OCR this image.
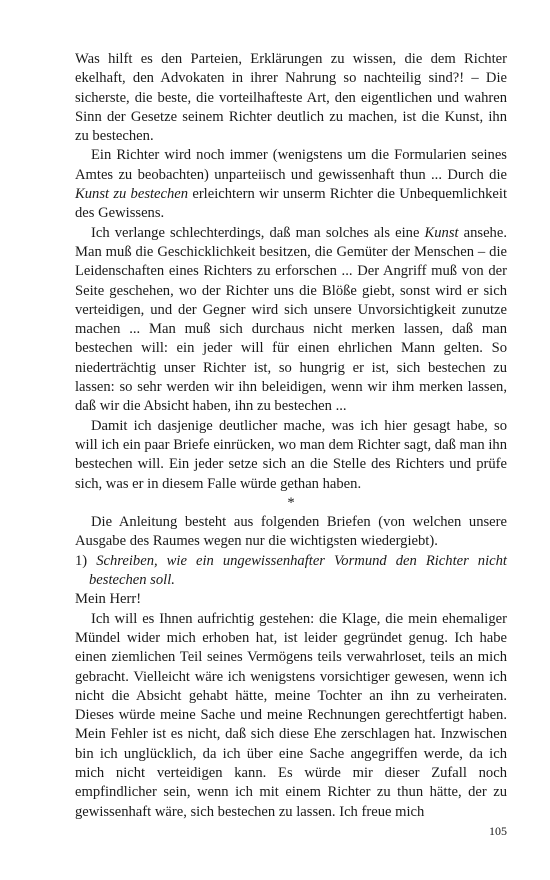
Was hilft es den Parteien, Erklärungen zu wissen, die dem Richter ekelhaft, den Advokaten in ihrer Nahrung so nachteilig sind?! – Die sicherste, die beste, die vorteilhafteste Art, den eigentlichen und wahren Sinn der Gesetze seinem Richter deutlich zu machen, ist die Kunst, ihn zu bestechen.

Ein Richter wird noch immer (wenigstens um die Formularien seines Amtes zu beobachten) unparteiisch und gewissenhaft thun ... Durch die Kunst zu bestechen erleichtern wir unserm Richter die Unbequemlichkeit des Gewissens.

Ich verlange schlechterdings, daß man solches als eine Kunst ansehe. Man muß die Geschicklichkeit besitzen, die Gemüter der Menschen – die Leidenschaften eines Richters zu erforschen ... Der Angriff muß von der Seite geschehen, wo der Richter uns die Blöße giebt, sonst wird er sich verteidigen, und der Gegner wird sich unsere Unvorsichtigkeit zunutze machen ... Man muß sich durchaus nicht merken lassen, daß man bestechen will: ein jeder will für einen ehrlichen Mann gelten. So niederträchtig unser Richter ist, so hungrig er ist, sich bestechen zu lassen: so sehr werden wir ihn beleidigen, wenn wir ihm merken lassen, daß wir die Absicht haben, ihn zu bestechen ...

Damit ich dasjenige deutlicher mache, was ich hier gesagt habe, so will ich ein paar Briefe einrücken, wo man dem Richter sagt, daß man ihn bestechen will. Ein jeder setze sich an die Stelle des Richters und prüfe sich, was er in diesem Falle würde gethan haben.

*

Die Anleitung besteht aus folgenden Briefen (von welchen unsere Ausgabe des Raumes wegen nur die wichtigsten wiedergiebt).

1) Schreiben, wie ein ungewissenhafter Vormund den Richter nicht bestechen soll.

Mein Herr!

Ich will es Ihnen aufrichtig gestehen: die Klage, die mein ehemaliger Mündel wider mich erhoben hat, ist leider gegründet genug. Ich habe einen ziemlichen Teil seines Vermögens teils verwahrloset, teils an mich gebracht. Vielleicht wäre ich wenigstens vorsichtiger gewesen, wenn ich nicht die Absicht gehabt hätte, meine Tochter an ihn zu verheiraten. Dieses würde meine Sache und meine Rechnungen gerechtfertigt haben. Mein Fehler ist es nicht, daß sich diese Ehe zerschlagen hat. Inzwischen bin ich unglücklich, da ich über eine Sache angegriffen werde, da ich mich nicht verteidigen kann. Es würde mir dieser Zufall noch empfindlicher sein, wenn ich mit einem Richter zu thun hätte, der zu gewissenhaft wäre, sich bestechen zu lassen. Ich freue mich

105
